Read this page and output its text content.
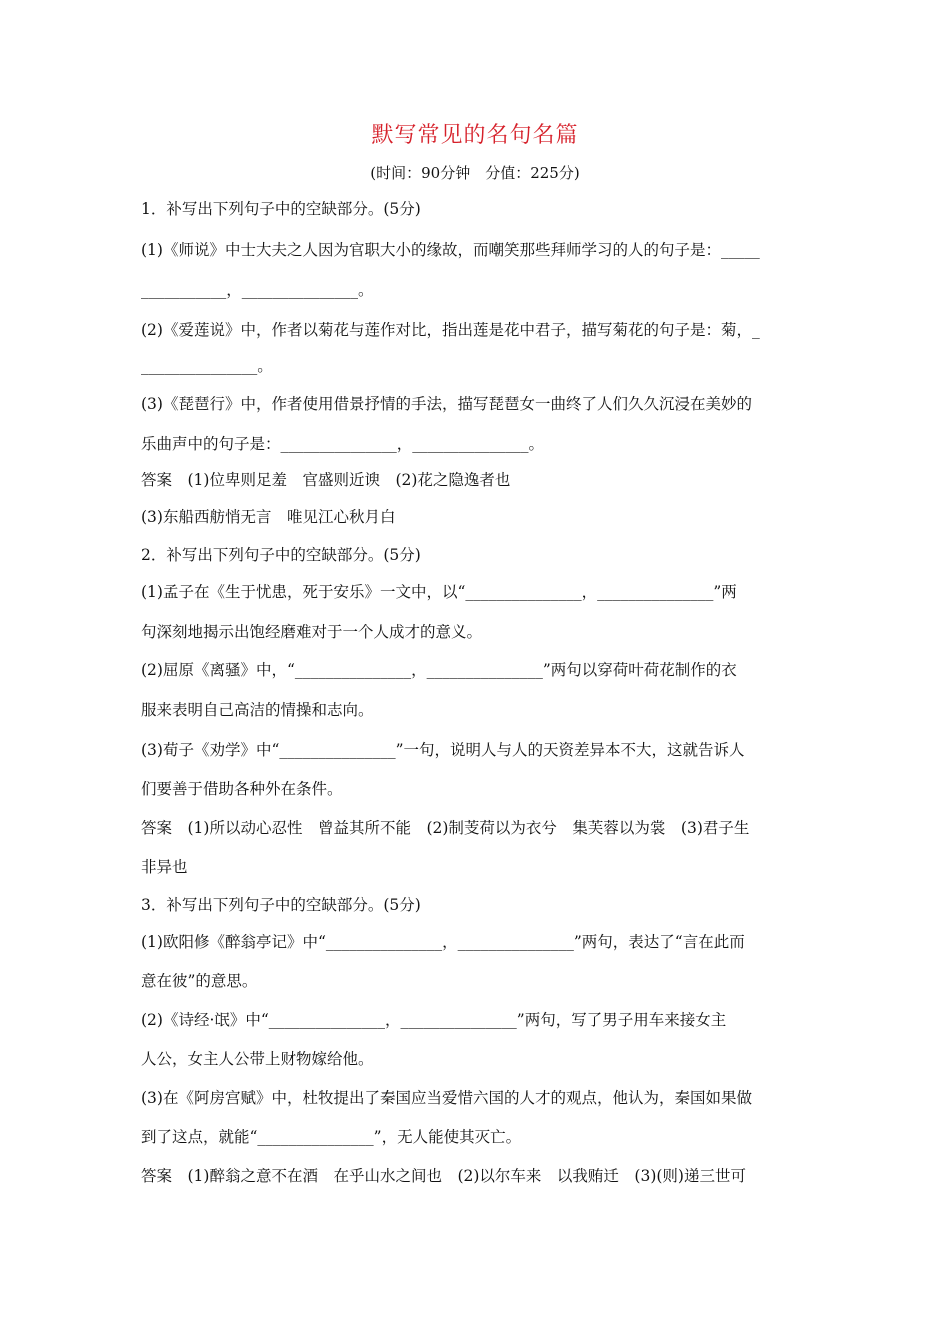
默写常见的名句名篇
(时间：90分钟　分值：225分)
1．补写出下列句子中的空缺部分。(5分)
(1)《师说》中士大夫之人因为官职大小的缘故，而嘲笑那些拜师学习的人的句子是：_____
___________，_______________。
(2)《爱莲说》中，作者以菊花与莲作对比，指出莲是花中君子，描写菊花的句子是：菊，_
_______________。
(3)《琵琶行》中，作者使用借景抒情的手法，描写琵琶女一曲终了人们久久沉浸在美妙的
乐曲声中的句子是：_______________，_______________。
答案　(1)位卑则足羞　官盛则近谀　(2)花之隐逸者也
(3)东船西舫悄无言　唯见江心秋月白
2．补写出下列句子中的空缺部分。(5分)
(1)孟子在《生于忧患，死于安乐》一文中，以“_______________，_______________”两
句深刻地揭示出饱经磨难对于一个人成才的意义。
(2)屈原《离骚》中，“_______________，_______________”两句以穿荷叶荷花制作的衣
服来表明自己高洁的情操和志向。
(3)荀子《劝学》中“_______________”一句，说明人与人的天资差异本不大，这就告诉人
们要善于借助各种外在条件。
答案　(1)所以动心忍性　曾益其所不能　(2)制芰荷以为衣兮　集芙蓉以为裳　(3)君子生
非异也
3．补写出下列句子中的空缺部分。(5分)
(1)欧阳修《醉翁亭记》中“_______________，_______________”两句，表达了“言在此而
意在彼”的意思。
(2)《诗经·氓》中“_______________，_______________”两句，写了男子用车来接女主
人公，女主人公带上财物嫁给他。
(3)在《阿房宫赋》中，杜牧提出了秦国应当爱惜六国的人才的观点，他认为，秦国如果做
到了这点，就能“_______________”，无人能使其灭亡。
答案　(1)醉翁之意不在酒　在乎山水之间也　(2)以尔车来　以我贿迁　(3)(则)递三世可
